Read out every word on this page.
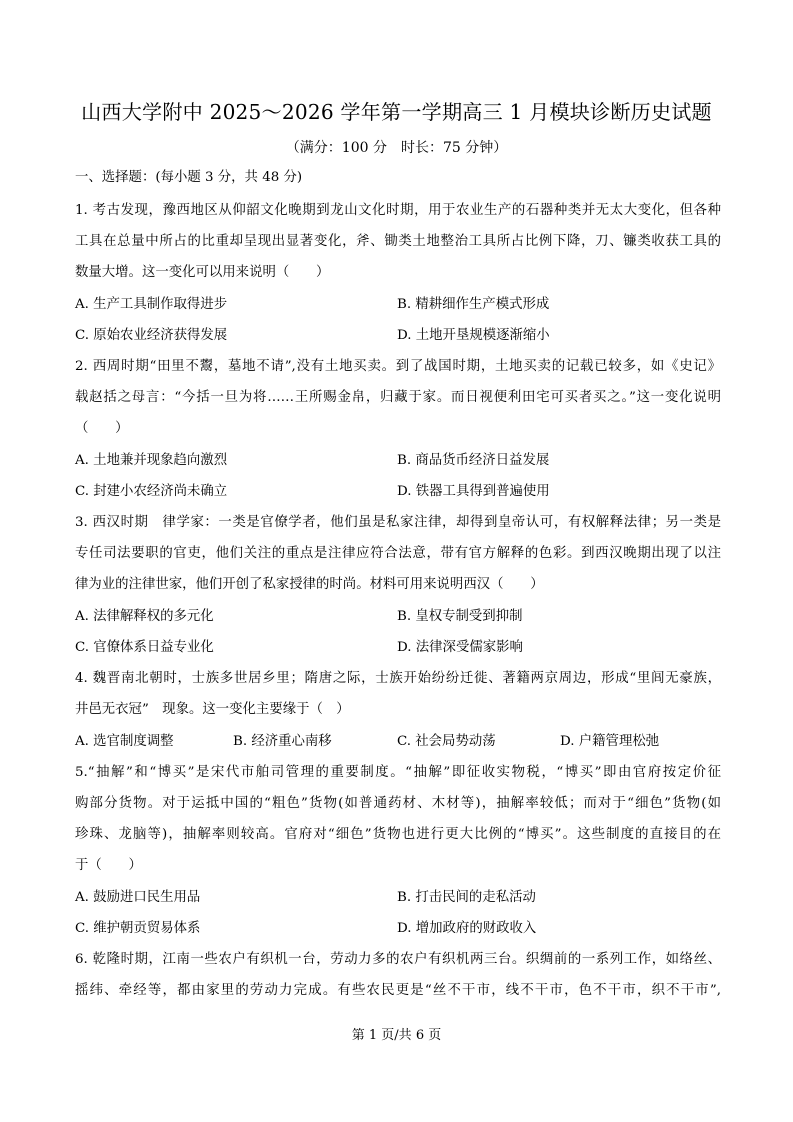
山西大学附中 2025～2026 学年第一学期高三 1 月模块诊断历史试题
（满分：100 分　时长：75 分钟）
一、选择题：(每小题 3 分，共 48 分)
1. 考古发现，豫西地区从仰韶文化晚期到龙山文化时期，用于农业生产的石器种类并无太大变化，但各种
工具在总量中所占的比重却呈现出显著变化，斧、锄类土地整治工具所占比例下降，刀、镰类收获工具的
数量大增。这一变化可以用来说明（　　）
A. 生产工具制作取得进步	B. 精耕细作生产模式形成
C. 原始农业经济获得发展	D. 土地开垦规模逐渐缩小
2. 西周时期“田里不鬻，墓地不请”,没有土地买卖。到了战国时期，土地买卖的记载已较多，如《史记》
载赵括之母言：“今括一旦为将……王所赐金帛，归藏于家。而日视便利田宅可买者买之。”这一变化说明
（　　）
A. 土地兼并现象趋向激烈	B. 商品货币经济日益发展
C. 封建小农经济尚未确立	D. 铁器工具得到普遍使用
3. 西汉时期　律学家：一类是官僚学者，他们虽是私家注律，却得到皇帝认可，有权解释法律；另一类是
专任司法要职的官吏，他们关注的重点是注律应符合法意，带有官方解释的色彩。到西汉晚期出现了以注
律为业的注律世家，他们开创了私家授律的时尚。材料可用来说明西汉（　　）
A. 法律解释权的多元化	B. 皇权专制受到抑制
C. 官僚体系日益专业化	D. 法律深受儒家影响
4. 魏晋南北朝时，士族多世居乡里；隋唐之际，士族开始纷纷迁徙、著籍两京周边，形成“里闾无豪族，
井邑无衣冠”　现象。这一变化主要缘于（　）
A. 选官制度调整	B. 经济重心南移	C. 社会局势动荡	D. 户籍管理松弛
5.“抽解”和“博买”是宋代市舶司管理的重要制度。“抽解”即征收实物税，“博买”即由官府按定价征
购部分货物。对于运抵中国的“粗色”货物(如普通药材、木材等)，抽解率较低；而对于“细色”货物(如
珍珠、龙脑等)，抽解率则较高。官府对“细色”货物也进行更大比例的“博买”。这些制度的直接目的在
于（　　）
A. 鼓励进口民生用品	B. 打击民间的走私活动
C. 维护朝贡贸易体系	D. 增加政府的财政收入
6. 乾隆时期，江南一些农户有织机一台，劳动力多的农户有织机两三台。织绸前的一系列工作，如络丝、
摇纬、牵经等，都由家里的劳动力完成。有些农民更是“丝不干市，线不干市，色不干市，织不干市”,
第 1 页/共 6 页
